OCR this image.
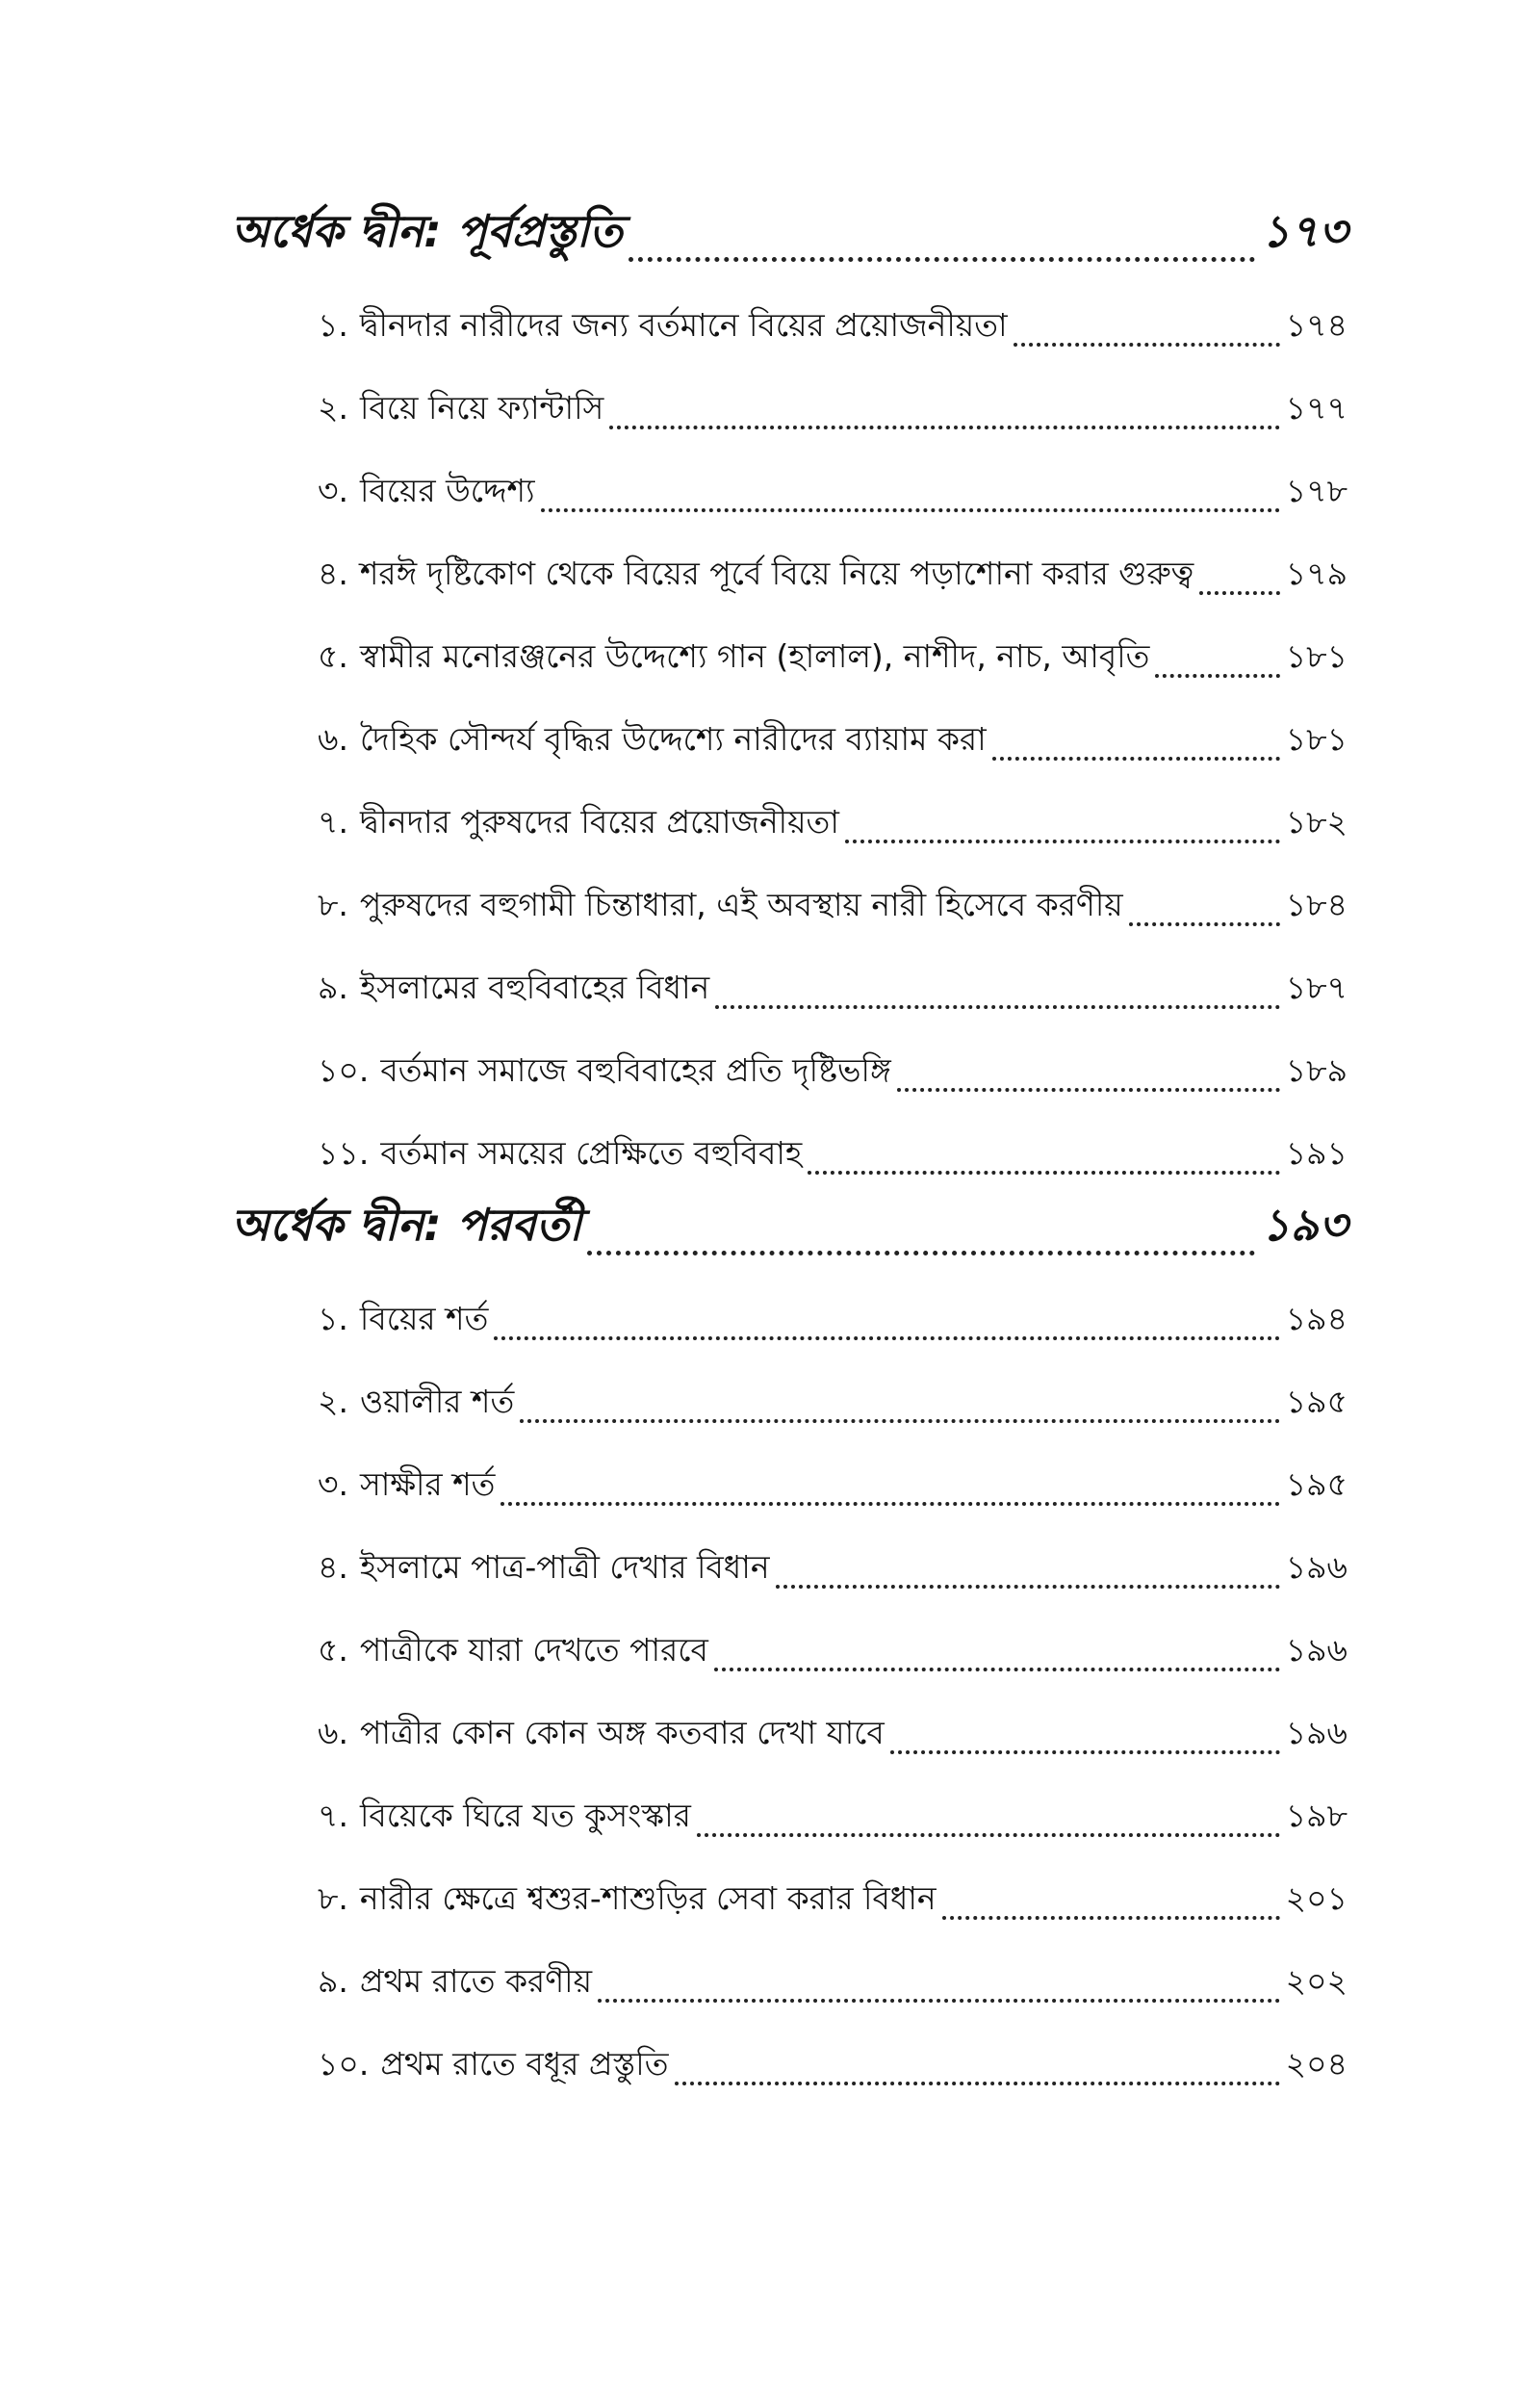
অর্ধেক দ্বীন: পূর্বপ্রস্তুতি	১৭৩
১. দ্বীনদার নারীদের জন্য বর্তমানে বিয়ের প্রয়োজনীয়তা	১৭৪
২. বিয়ে নিয়ে ফ্যান্টাসি	১৭৭
৩. বিয়ের উদ্দেশ্য	১৭৮
৪. শরঈ দৃষ্টিকোণ থেকে বিয়ের পূর্বে বিয়ে নিয়ে পড়াশোনা করার গুরুত্ব	১৭৯
৫. স্বামীর মনোরঞ্জনের উদ্দেশ্যে গান (হালাল), নাশীদ, নাচ, আবৃতি	১৮১
৬. দৈহিক সৌন্দর্য বৃদ্ধির উদ্দেশ্যে নারীদের ব্যায়াম করা	১৮১
৭. দ্বীনদার পুরুষদের বিয়ের প্রয়োজনীয়তা	১৮২
৮. পুরুষদের বহুগামী চিন্তাধারা, এই অবস্থায় নারী হিসেবে করণীয়	১৮৪
৯. ইসলামের বহুবিবাহের বিধান	১৮৭
১০. বর্তমান সমাজে বহুবিবাহের প্রতি দৃষ্টিভঙ্গি	১৮৯
১১. বর্তমান সময়ের প্রেক্ষিতে বহুবিবাহ	১৯১
অর্ধেক দ্বীন: পরবর্তী	১৯৩
১. বিয়ের শর্ত	১৯৪
২. ওয়ালীর শর্ত	১৯৫
৩. সাক্ষীর শর্ত	১৯৫
৪. ইসলামে পাত্র-পাত্রী দেখার বিধান	১৯৬
৫. পাত্রীকে যারা দেখতে পারবে	১৯৬
৬. পাত্রীর কোন কোন অঙ্গ কতবার দেখা যাবে	১৯৬
৭. বিয়েকে ঘিরে যত কুসংস্কার	১৯৮
৮. নারীর ক্ষেত্রে শ্বশুর-শাশুড়ির সেবা করার বিধান	২০১
৯. প্রথম রাতে করণীয়	২০২
১০. প্রথম রাতে বধূর প্রস্তুতি	২০৪
